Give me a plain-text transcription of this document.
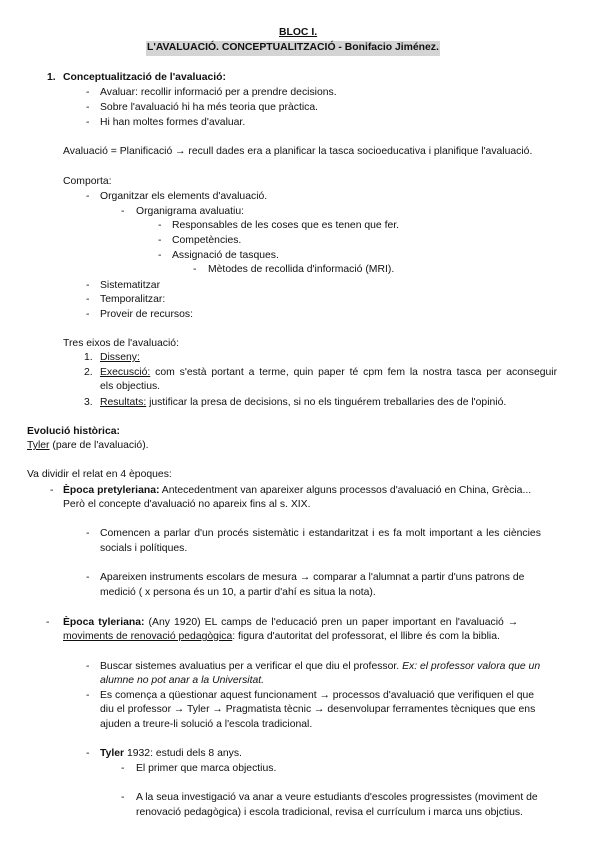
BLOC I.
L'AVALUACIÓ. CONCEPTUALITZACIÓ - Bonifacio Jiménez.
1. Conceptualització de l'avaluació:
- Avaluar: recollir informació per a prendre decisions.
- Sobre l'avaluació hi ha més teoria que pràctica.
- Hi han moltes formes d'avaluar.
Avaluació = Planificació → recull dades era a planificar la tasca socioeducativa i planifique l'avaluació.
Comporta:
- Organitzar els elements d'avaluació.
- Organigrama avaluatiu:
- Responsables de les coses que es tenen que fer.
- Competències.
- Assignació de tasques.
- Mètodes de recollida d'informació (MRI).
- Sistematitzar
- Temporalitzar:
- Proveir de recursos:
Tres eixos de l'avaluació:
1. Disseny:
2. Execusció: com s'està portant a terme, quin paper té cpm fem la nostra tasca per aconseguir
els objectius.
3. Resultats: justificar la presa de decisions, si no els tinguérem treballaries des de l'opinió.
Evolució històrica:
Tyler (pare de l'avaluació).
Va dividir el relat en 4 èpoques:
- Època pretyleriana: Antecedentment van apareixer alguns processos d'avaluació en China, Grècia...
Però el concepte d'avaluació no apareix fins al s. XIX.
- Comencen a parlar d'un procés sistemàtic i estandaritzat i es fa molt important a les ciències
socials i polítiques.
- Apareixen instruments escolars de mesura → comparar a l'alumnat a partir d'uns patrons de
medició ( x persona és un 10, a partir d'ahí es situa la nota).
- Època tyleriana: (Any 1920) EL camps de l'educació pren un paper important en l'avaluació →
moviments de renovació pedagògica: figura d'autoritat del professorat, el llibre és com la biblia.
- Buscar sistemes avaluatius per a verificar el que diu el professor. Ex: el professor valora que un
alumne no pot anar a la Universitat.
- Es comença a qüestionar aquest funcionament → processos d'avaluació que verifiquen el que
diu el professor → Tyler → Pragmatista tècnic → desenvolupar ferramentes tècniques que ens
ajuden a treure-li solució a l'escola tradicional.
- Tyler 1932: estudi dels 8 anys.
- El primer que marca objectius.
- A la seua investigació va anar a veure estudiants d'escoles progressistes (moviment de
renovació pedagògica) i escola tradicional, revisa el currículum i marca uns objctius.
